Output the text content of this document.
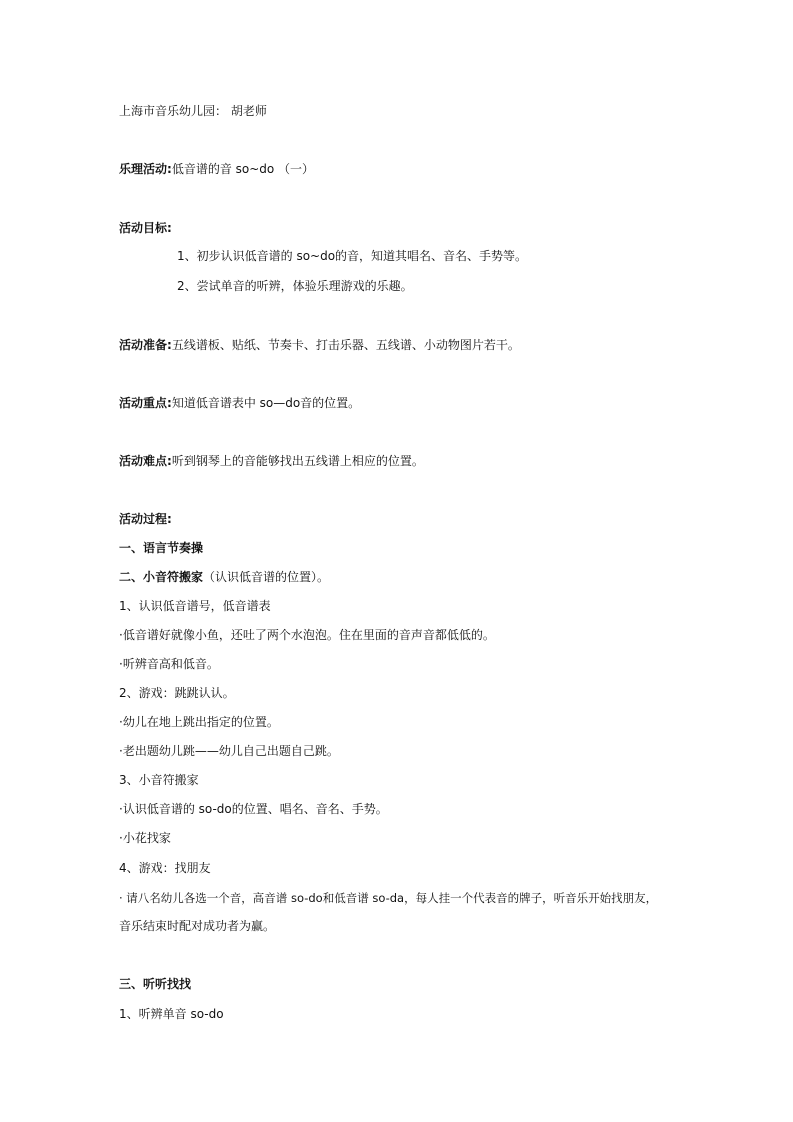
上海市音乐幼儿园： 胡老师
乐理活动:低音谱的音 so~do （一）
活动目标:
1、初步认识低音谱的 so~do的音，知道其唱名、音名、手势等。
2、尝试单音的听辨，体验乐理游戏的乐趣。
活动准备:五线谱板、贴纸、节奏卡、打击乐器、五线谱、小动物图片若干。
活动重点:知道低音谱表中 so—do音的位置。
活动难点:听到钢琴上的音能够找出五线谱上相应的位置。
活动过程:
一、语言节奏操
二、小音符搬家（认识低音谱的位置）。
1、认识低音谱号，低音谱表
·低音谱好就像小鱼，还吐了两个水泡泡。住在里面的音声音都低低的。
·听辨音高和低音。
2、游戏：跳跳认认。
·幼儿在地上跳出指定的位置。
·老出题幼儿跳——幼儿自己出题自己跳。
3、小音符搬家
·认识低音谱的 so-do的位置、唱名、音名、手势。
·小花找家
4、游戏：找朋友
· 请八名幼儿各选一个音，高音谱 so-do和低音谱 so-da，每人挂一个代表音的牌子，听音乐开始找朋友，
音乐结束时配对成功者为赢。
三、听听找找
1、听辨单音 so-do
